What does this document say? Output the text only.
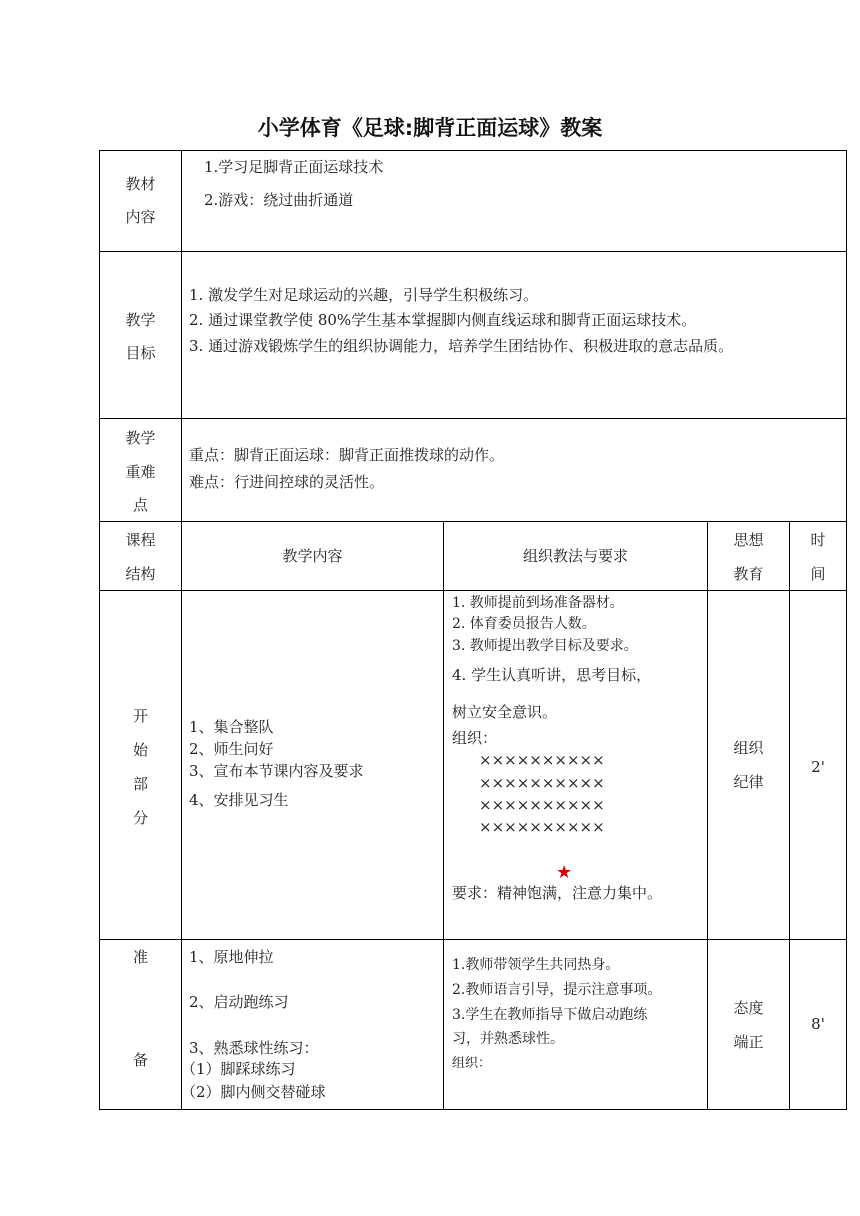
小学体育《足球:脚背正面运球》教案
教材
内容
1.学习足脚背正面运球技术
2.游戏：绕过曲折通道
教学
目标
1. 激发学生对足球运动的兴趣，引导学生积极练习。
2. 通过课堂教学使 80%学生基本掌握脚内侧直线运球和脚背正面运球技术。
3. 通过游戏锻炼学生的组织协调能力，培养学生团结协作、积极进取的意志品质。
教学
重难
点
重点：脚背正面运球：脚背正面推拨球的动作。
难点：行进间控球的灵活性。
课程
结构
教学内容	组织教法与要求
思想
教育
时
间
开
始
部
分
1、集合整队
2、师生问好
3、宣布本节课内容及要求
4、安排见习生
1. 教师提前到场准备器材。
2. 体育委员报告人数。
3. 教师提出教学目标及要求。
4. 学生认真听讲，思考目标，
树立安全意识。
组织：
××××××××××
××××××××××
××××××××××
××××××××××
★
要求：精神饱满，注意力集中。
组织
纪律
2'
准
备
1、原地伸拉
2、启动跑练习
3、熟悉球性练习：
（1）脚踩球练习
（2）脚内侧交替碰球
1.教师带领学生共同热身。
2.教师语言引导，提示注意事项。
3.学生在教师指导下做启动跑练
习，并熟悉球性。
组织：
态度
端正
8'
